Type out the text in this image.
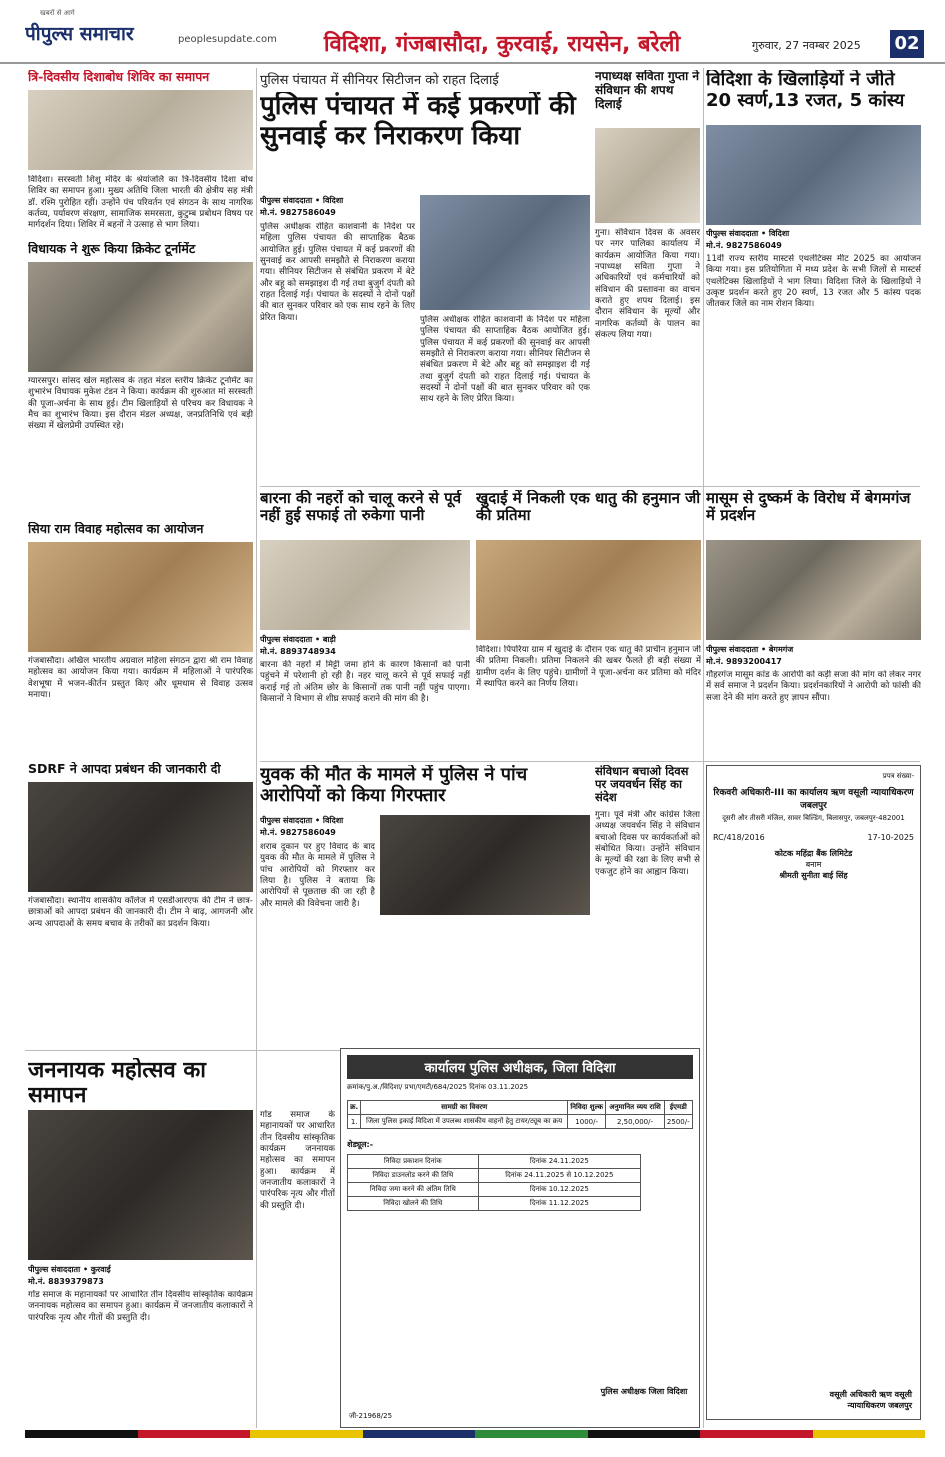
खबरों से आगे
पीपुल्स समाचार	peoplesupdate.com	विदिशा, गंजबासौदा, कुरवाई, रायसेन, बरेली	गुरुवार, 27 नवम्बर 2025 02
त्रि-दिवसीय दिशाबोध शिविर का समापन
विदिशा। सरस्वती शिशु मंदिर के श्रेयांजलि का त्रि-दिवसीय दिशा बोध शिविर का समापन हुआ। मुख्य अतिथि जिला भारती की क्षेत्रीय सह मंत्री डॉ. रश्मि पुरोहित रहीं। उन्होंने पंच परिवर्तन एवं संगठन के साथ नागरिक कर्तव्य, पर्यावरण संरक्षण, सामाजिक समरसता, कुटुम्ब प्रबोधन विषय पर मार्गदर्शन दिया। शिविर में बहनों ने उत्साह से भाग लिया।
विधायक ने शुरू किया क्रिकेट टूर्नामेंट
ग्यारसपुर। सांसद खेल महोत्सव के तहत मंडल स्तरीय क्रिकेट टूर्नामेंट का शुभारंभ विधायक मुकेश टंडन ने किया। कार्यक्रम की शुरुआत मां सरस्वती की पूजा-अर्चना के साथ हुई। टीम खिलाड़ियों से परिचय कर विधायक ने मैच का शुभारंभ किया। इस दौरान मंडल अध्यक्ष, जनप्रतिनिधि एवं बड़ी संख्या में खेलप्रेमी उपस्थित रहे।
सिया राम विवाह महोत्सव का आयोजन
गंजबासौदा। अखिल भारतीय अग्रवाल महिला संगठन द्वारा श्री राम विवाह महोत्सव का आयोजन किया गया। कार्यक्रम में महिलाओं ने पारंपरिक वेशभूषा में भजन-कीर्तन प्रस्तुत किए और धूमधाम से विवाह उत्सव मनाया।
SDRF ने आपदा प्रबंधन की जानकारी दी
गंजबासौदा। स्थानीय शासकीय कॉलेज में एसडीआरएफ की टीम ने छात्र-छात्राओं को आपदा प्रबंधन की जानकारी दी। टीम ने बाढ़, आगजनी और अन्य आपदाओं के समय बचाव के तरीकों का प्रदर्शन किया।
जननायक महोत्सव का समापन
पीपुल्स संवाददाता • कुरवाई
मो.नं. 8839379873
गोंड समाज के महानायकों पर आधारित तीन दिवसीय सांस्कृतिक कार्यक्रम जननायक महोत्सव का समापन हुआ। कार्यक्रम में जनजातीय कलाकारों ने पारंपरिक नृत्य और गीतों की प्रस्तुति दी।
पुलिस पंचायत में सीनियर सिटीजन को राहत दिलाई
पुलिस पंचायत में कई प्रकरणों की सुनवाई कर निराकरण किया
पीपुल्स संवाददाता • विदिशा
मो.नं. 9827586049
पुलिस अधीक्षक रोहित काशवानी के निर्देश पर महिला पुलिस पंचायत की साप्ताहिक बैठक आयोजित हुई। पुलिस पंचायत में कई प्रकरणों की सुनवाई कर आपसी समझौते से निराकरण कराया गया। सीनियर सिटीजन से संबंधित प्रकरण में बेटे और बहू को समझाइश दी गई तथा बुजुर्ग दंपती को राहत दिलाई गई। पंचायत के सदस्यों ने दोनों पक्षों की बात सुनकर परिवार को एक साथ रहने के लिए प्रेरित किया।	पुलिस अधीक्षक रोहित काशवानी के निर्देश पर महिला पुलिस पंचायत की साप्ताहिक बैठक आयोजित हुई। पुलिस पंचायत में कई प्रकरणों की सुनवाई कर आपसी समझौते से निराकरण कराया गया। सीनियर सिटीजन से संबंधित प्रकरण में बेटे और बहू को समझाइश दी गई तथा बुजुर्ग दंपती को राहत दिलाई गई। पंचायत के सदस्यों ने दोनों पक्षों की बात सुनकर परिवार को एक साथ रहने के लिए प्रेरित किया।
नपाध्यक्ष सविता गुप्ता ने संविधान की शपथ दिलाई
गुना। संविधान दिवस के अवसर पर नगर पालिका कार्यालय में कार्यक्रम आयोजित किया गया। नपाध्यक्ष सविता गुप्ता ने अधिकारियों एवं कर्मचारियों को संविधान की प्रस्तावना का वाचन कराते हुए शपथ दिलाई। इस दौरान संविधान के मूल्यों और नागरिक कर्तव्यों के पालन का संकल्प लिया गया।
विदिशा के खिलाड़ियों ने जीते 20 स्वर्ण,13 रजत, 5 कांस्य
पीपुल्स संवाददाता • विदिशा
मो.नं. 9827586049
11वीं राज्य स्तरीय मास्टर्स एथलेटिक्स मीट 2025 का आयोजन किया गया। इस प्रतियोगिता में मध्य प्रदेश के सभी जिलों से मास्टर्स एथलेटिक्स खिलाड़ियों ने भाग लिया। विदिशा जिले के खिलाड़ियों ने उत्कृष्ट प्रदर्शन करते हुए 20 स्वर्ण, 13 रजत और 5 कांस्य पदक जीतकर जिले का नाम रोशन किया।
बारना की नहरों को चालू करने से पूर्व नहीं हुई सफाई तो रुकेगा पानी
पीपुल्स संवाददाता • बाड़ी
मो.नं. 8893748934
बारना की नहरों में मिट्टी जमा होने के कारण किसानों को पानी पहुंचने में परेशानी हो रही है। नहर चालू करने से पूर्व सफाई नहीं कराई गई तो अंतिम छोर के किसानों तक पानी नहीं पहुंच पाएगा। किसानों ने विभाग से शीघ्र सफाई कराने की मांग की है।
खुदाई में निकली एक धातु की हनुमान जी की प्रतिमा
विदिशा। पिपरिया ग्राम में खुदाई के दौरान एक धातु की प्राचीन हनुमान जी की प्रतिमा निकली। प्रतिमा निकलने की खबर फैलते ही बड़ी संख्या में ग्रामीण दर्शन के लिए पहुंचे। ग्रामीणों ने पूजा-अर्चना कर प्रतिमा को मंदिर में स्थापित करने का निर्णय लिया।
मासूम से दुष्कर्म के विरोध में बेगमगंज में प्रदर्शन
पीपुल्स संवाददाता • बेगमगंज
मो.नं. 9893200417
गौहरगंज मासूम कांड के आरोपी को कड़ी सजा की मांग को लेकर नगर में सर्व समाज ने प्रदर्शन किया। प्रदर्शनकारियों ने आरोपी को फांसी की सजा देने की मांग करते हुए ज्ञापन सौंपा।
युवक की मौत के मामले में पुलिस ने पांच आरोपियों को किया गिरफ्तार
पीपुल्स संवाददाता • विदिशा
मो.नं. 9827586049
शराब दुकान पर हुए विवाद के बाद युवक की मौत के मामले में पुलिस ने पांच आरोपियों को गिरफ्तार कर लिया है। पुलिस ने बताया कि आरोपियों से पूछताछ की जा रही है और मामले की विवेचना जारी है।
संविधान बचाओ दिवस पर जयवर्धन सिंह का संदेश
गुना। पूर्व मंत्री और कांग्रेस जिला अध्यक्ष जयवर्धन सिंह ने संविधान बचाओ दिवस पर कार्यकर्ताओं को संबोधित किया। उन्होंने संविधान के मूल्यों की रक्षा के लिए सभी से एकजुट होने का आह्वान किया।
प्रपत्र संख्या-
रिकवरी अधिकारी-III का कार्यालय ऋण वसूली न्यायाधिकरण जबलपुर
दूसरी और तीसरी मंजिल, सावर बिल्डिंग, बिलासपुर, जबलपुर-482001
RC/418/2016	17-10-2025
कोटक महिंद्रा बैंक लिमिटेड
बनाम
श्रीमती सुनीता बाई सिंह
वसूली अधिकारी ऋण वसूली न्यायाधिकरण जबलपुर
कार्यालय पुलिस अधीक्षक, जिला विदिशा
क्रमांक/पु.अ./विदिशा/ प्रभा/एमटी/684/2025 दिनांक 03.11.2025
क्र.	सामग्री का विवरण	निविदा शुल्क	अनुमानित व्यय राशि	ईएमडी
1.	जिला पुलिस इकाई विदिशा में उपलब्ध शासकीय वाहनों हेतु टायर/ट्यूब का क्रय	1000/-	2,50,000/-	2500/-
शेड्यूल:-
निविदा प्रकाशन दिनांक	दिनांक 24.11.2025
निविदा डाउनलोड करने की तिथि	दिनांक 24.11.2025 से 10.12.2025
निविदा जमा करने की अंतिम तिथि	दिनांक 10.12.2025
निविदा खोलने की तिथि	दिनांक 11.12.2025
पुलिस अधीक्षक जिला विदिशा
जी-21968/25
गोंड समाज के महानायकों पर आधारित तीन दिवसीय सांस्कृतिक कार्यक्रम जननायक महोत्सव का समापन हुआ। कार्यक्रम में जनजातीय कलाकारों ने पारंपरिक नृत्य और गीतों की प्रस्तुति दी।
